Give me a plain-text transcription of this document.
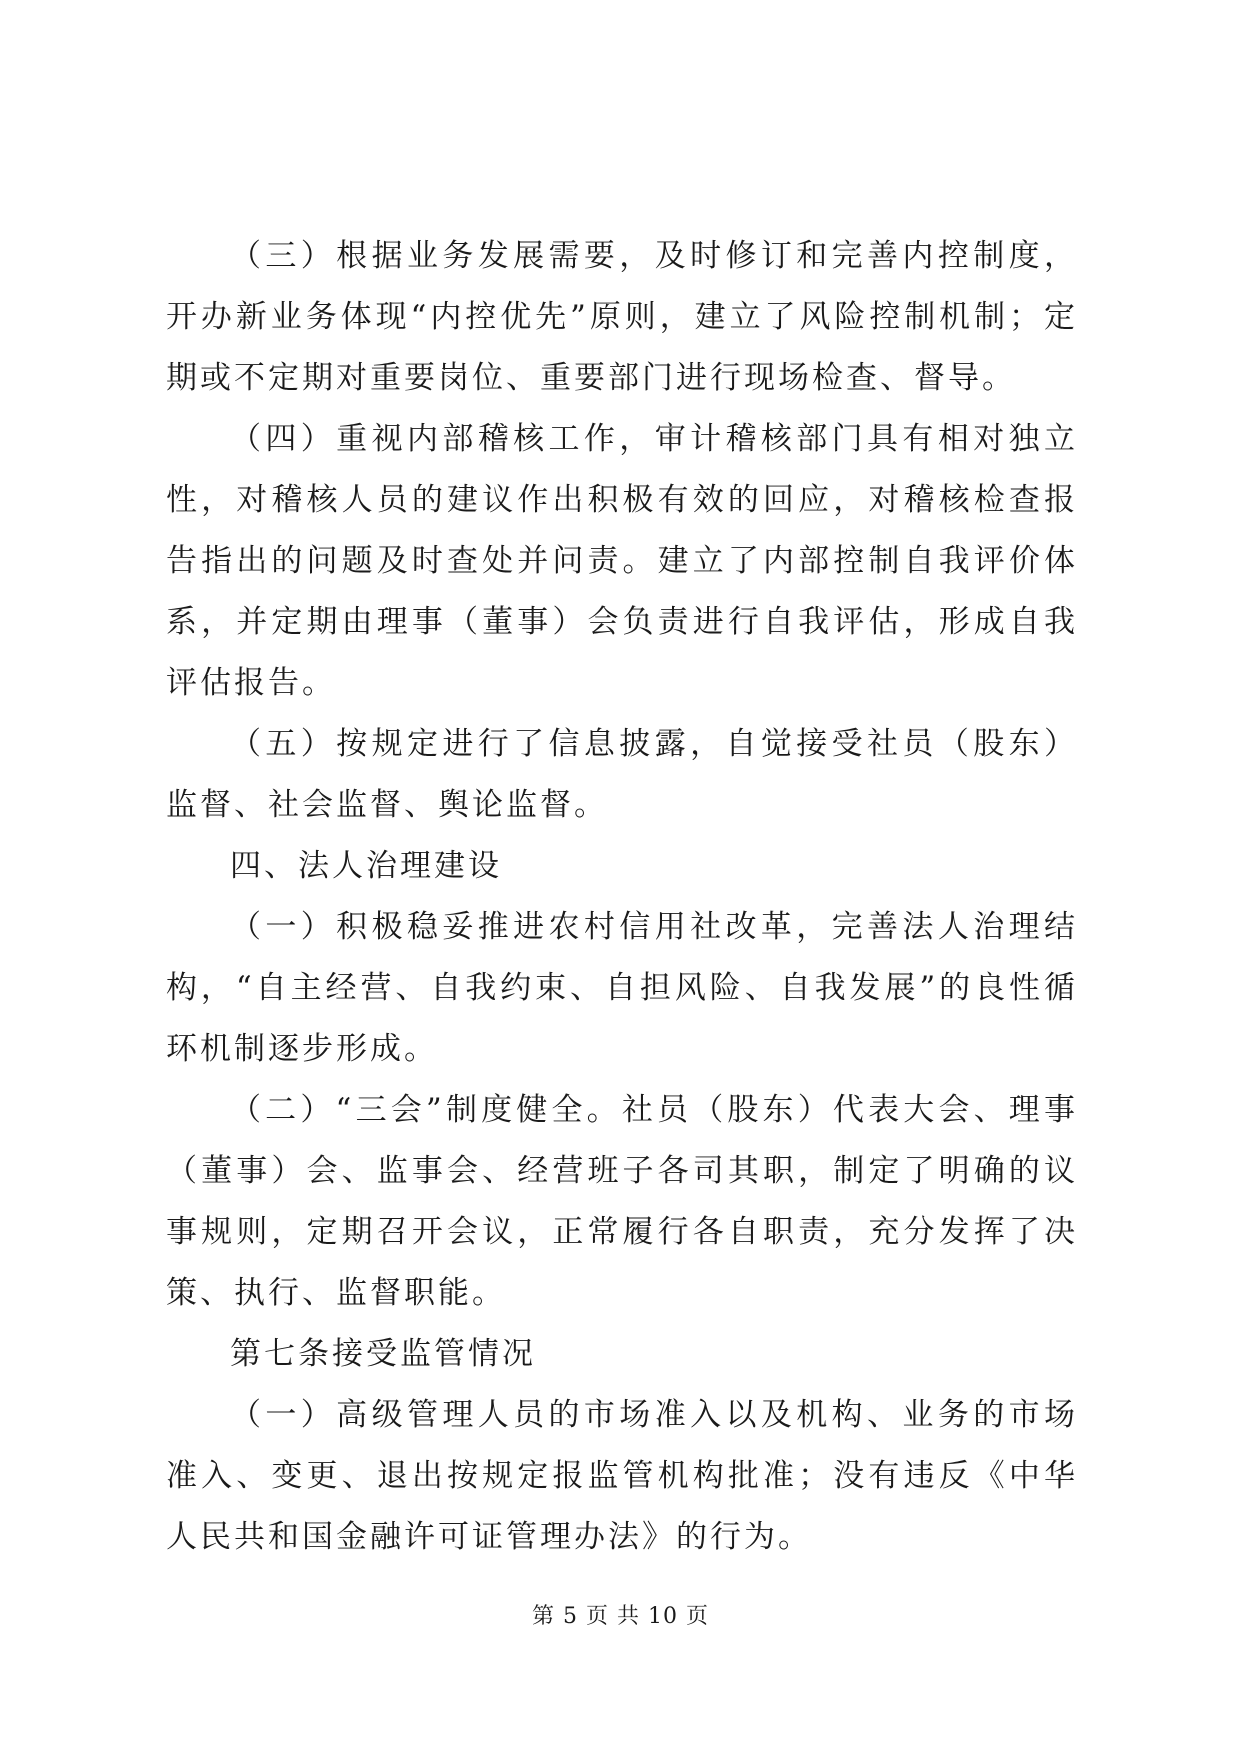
（三）根据业务发展需要，及时修订和完善内控制度，开办新业务体现“内控优先”原则，建立了风险控制机制；定期或不定期对重要岗位、重要部门进行现场检查、督导。

（四）重视内部稽核工作，审计稽核部门具有相对独立性，对稽核人员的建议作出积极有效的回应，对稽核检查报告指出的问题及时查处并问责。建立了内部控制自我评价体系，并定期由理事（董事）会负责进行自我评估，形成自我评估报告。

（五）按规定进行了信息披露，自觉接受社员（股东）监督、社会监督、舆论监督。

四、法人治理建设

（一）积极稳妥推进农村信用社改革，完善法人治理结构，“自主经营、自我约束、自担风险、自我发展”的良性循环机制逐步形成。

（二）“三会”制度健全。社员（股东）代表大会、理事（董事）会、监事会、经营班子各司其职，制定了明确的议事规则，定期召开会议，正常履行各自职责，充分发挥了决策、执行、监督职能。

第七条接受监管情况

（一）高级管理人员的市场准入以及机构、业务的市场准入、变更、退出按规定报监管机构批准；没有违反《中华人民共和国金融许可证管理办法》的行为。

第 5 页 共 10 页
